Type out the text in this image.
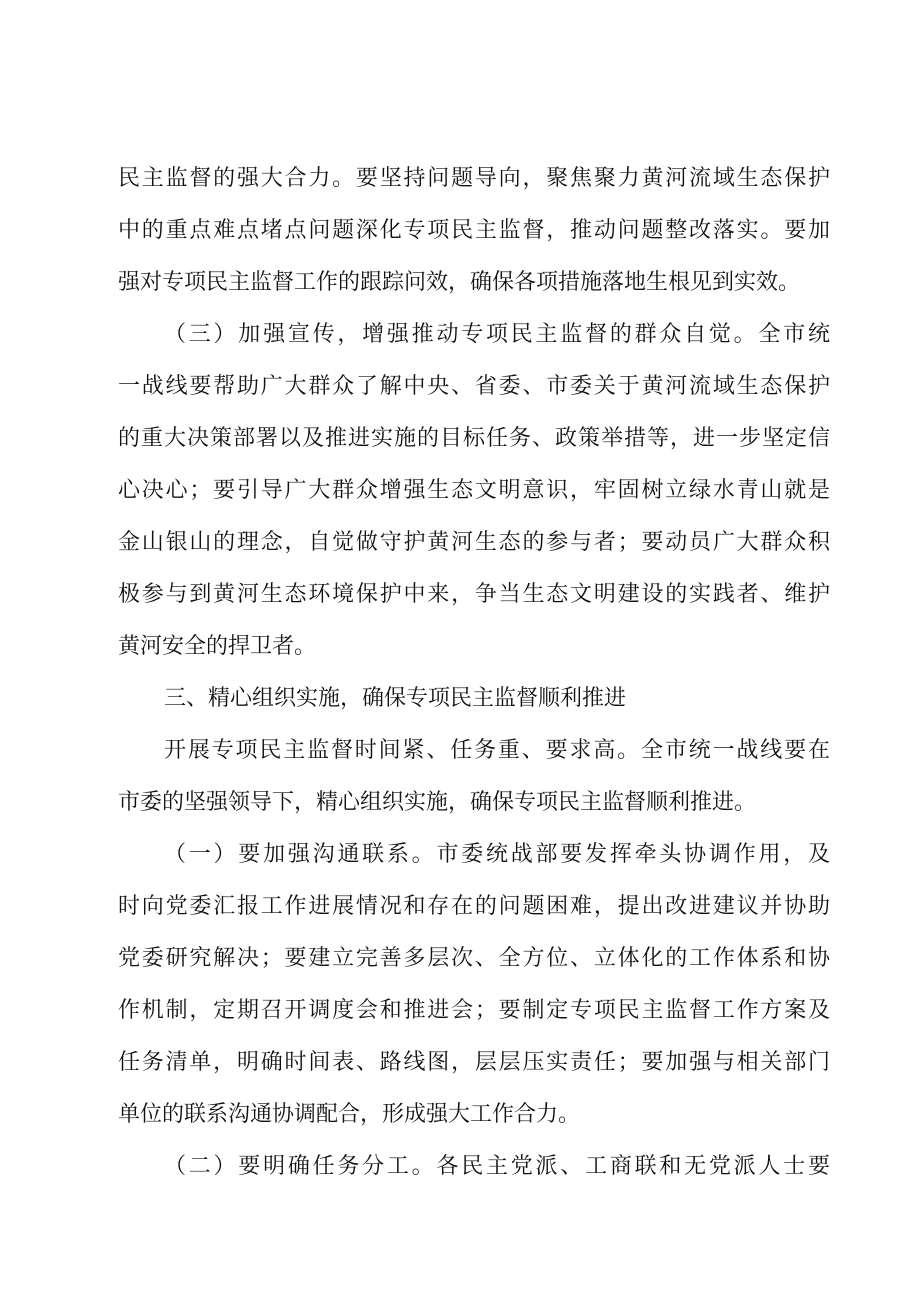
民主监督的强大合力。要坚持问题导向，聚焦聚力黄河流域生态保护
中的重点难点堵点问题深化专项民主监督，推动问题整改落实。要加
强对专项民主监督工作的跟踪问效，确保各项措施落地生根见到实效。
（三）加强宣传，增强推动专项民主监督的群众自觉。全市统
一战线要帮助广大群众了解中央、省委、市委关于黄河流域生态保护
的重大决策部署以及推进实施的目标任务、政策举措等，进一步坚定信
心决心；要引导广大群众增强生态文明意识，牢固树立绿水青山就是
金山银山的理念，自觉做守护黄河生态的参与者；要动员广大群众积
极参与到黄河生态环境保护中来，争当生态文明建设的实践者、维护
黄河安全的捍卫者。
三、精心组织实施，确保专项民主监督顺利推进
开展专项民主监督时间紧、任务重、要求高。全市统一战线要在
市委的坚强领导下，精心组织实施，确保专项民主监督顺利推进。
（一）要加强沟通联系。市委统战部要发挥牵头协调作用，及
时向党委汇报工作进展情况和存在的问题困难，提出改进建议并协助
党委研究解决；要建立完善多层次、全方位、立体化的工作体系和协
作机制，定期召开调度会和推进会；要制定专项民主监督工作方案及
任务清单，明确时间表、路线图，层层压实责任；要加强与相关部门
单位的联系沟通协调配合，形成强大工作合力。
（二）要明确任务分工。各民主党派、工商联和无党派人士要
